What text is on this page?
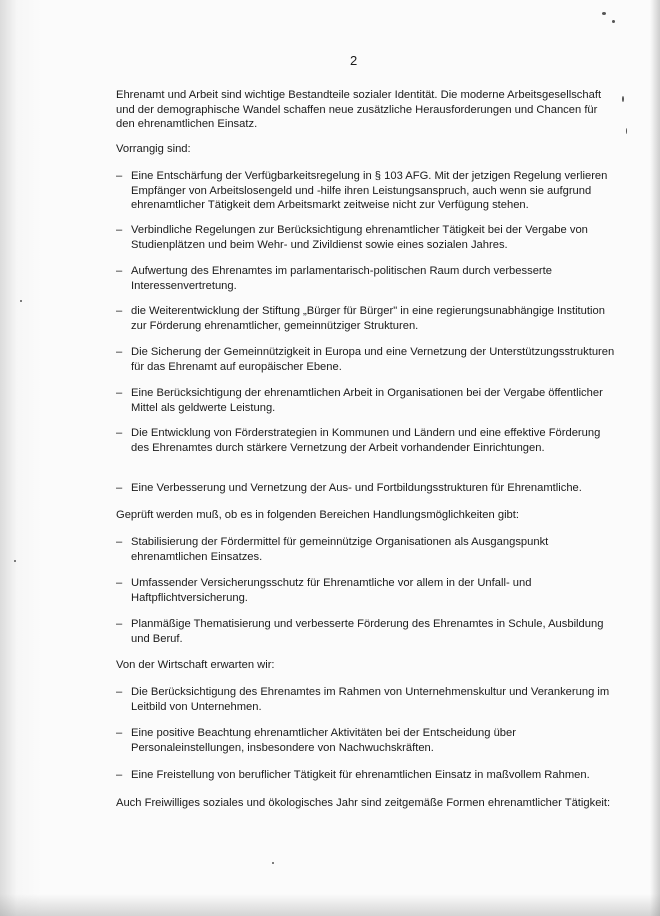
2

Ehrenamt und Arbeit sind wichtige Bestandteile sozialer Identität. Die moderne Arbeitsgesellschaft und der demographische Wandel schaffen neue zusätzliche Herausforderungen und Chancen für den ehrenamtlichen Einsatz.

Vorrangig sind:

– Eine Entschärfung der Verfügbarkeitsregelung in § 103 AFG. Mit der jetzigen Regelung verlieren Empfänger von Arbeitslosengeld und -hilfe ihren Leistungsanspruch, auch wenn sie aufgrund ehrenamtlicher Tätigkeit dem Arbeitsmarkt zeitweise nicht zur Verfügung stehen.
– Verbindliche Regelungen zur Berücksichtigung ehrenamtlicher Tätigkeit bei der Vergabe von Studienplätzen und beim Wehr- und Zivildienst sowie eines sozialen Jahres.
– Aufwertung des Ehrenamtes im parlamentarisch-politischen Raum durch verbesserte Interessenvertretung.
– die Weiterentwicklung der Stiftung „Bürger für Bürger" in eine regierungsunabhängige Institution zur Förderung ehrenamtlicher, gemeinnütziger Strukturen.
– Die Sicherung der Gemeinnützigkeit in Europa und eine Vernetzung der Unterstützungsstrukturen für das Ehrenamt auf europäischer Ebene.
– Eine Berücksichtigung der ehrenamtlichen Arbeit in Organisationen bei der Vergabe öffentlicher Mittel als geldwerte Leistung.
– Die Entwicklung von Förderstrategien in Kommunen und Ländern und eine effektive Förderung des Ehrenamtes durch stärkere Vernetzung der Arbeit vorhandender Einrichtungen.
– Eine Verbesserung und Vernetzung der Aus- und Fortbildungsstrukturen für Ehrenamtliche.

Geprüft werden muß, ob es in folgenden Bereichen Handlungsmöglichkeiten gibt:

– Stabilisierung der Fördermittel für gemeinnützige Organisationen als Ausgangspunkt ehrenamtlichen Einsatzes.
– Umfassender Versicherungsschutz für Ehrenamtliche vor allem in der Unfall- und Haftpflichtversicherung.
– Planmäßige Thematisierung und verbesserte Förderung des Ehrenamtes in Schule, Ausbildung und Beruf.

Von der Wirtschaft erwarten wir:

– Die Berücksichtigung des Ehrenamtes im Rahmen von Unternehmenskultur und Verankerung im Leitbild von Unternehmen.
– Eine positive Beachtung ehrenamtlicher Aktivitäten bei der Entscheidung über Personaleinstellungen, insbesondere von Nachwuchskräften.
– Eine Freistellung von beruflicher Tätigkeit für ehrenamtlichen Einsatz in maßvollem Rahmen.

Auch Freiwilliges soziales und ökologisches Jahr sind zeitgemäße Formen ehrenamtlicher Tätigkeit:
